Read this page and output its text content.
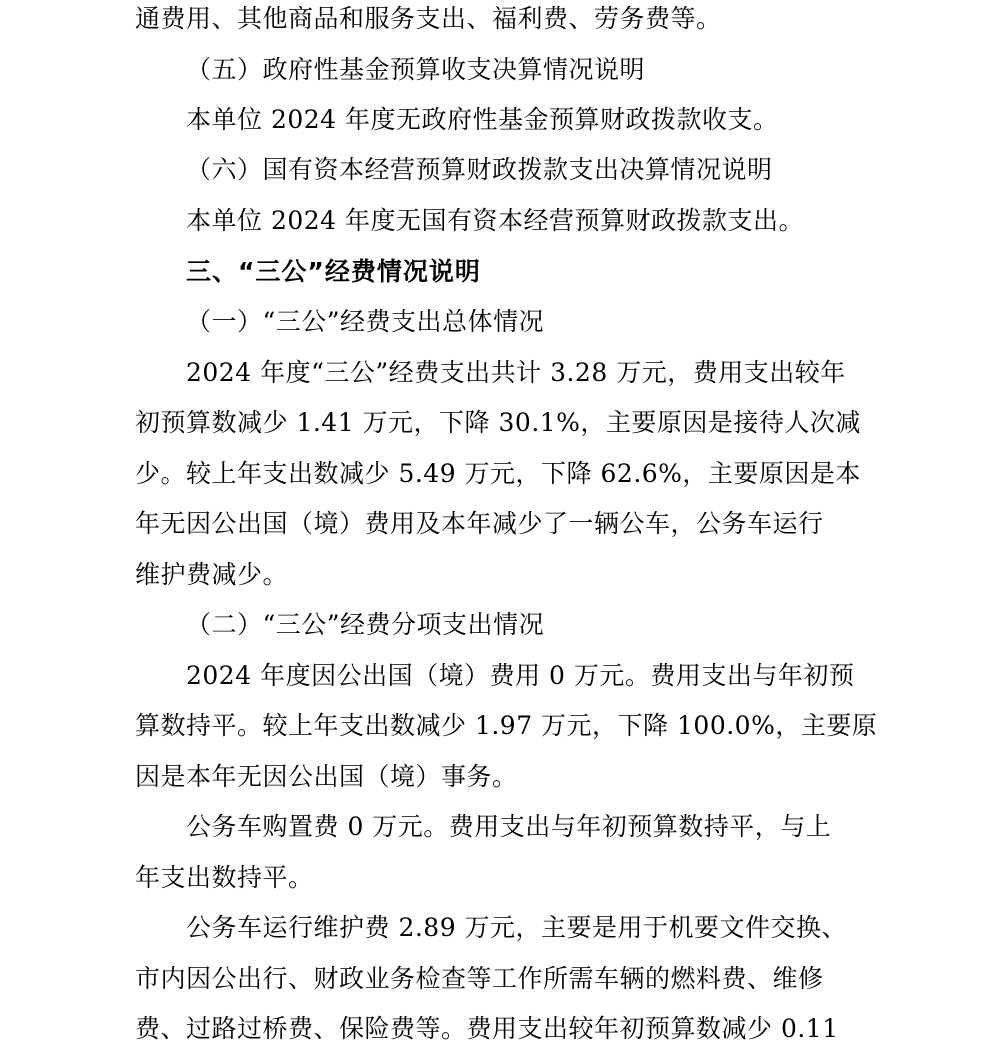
通费用、其他商品和服务支出、福利费、劳务费等。
（五）政府性基金预算收支决算情况说明
本单位 2024 年度无政府性基金预算财政拨款收支。
（六）国有资本经营预算财政拨款支出决算情况说明
本单位 2024 年度无国有资本经营预算财政拨款支出。
三、“三公”经费情况说明
（一）“三公”经费支出总体情况
2024 年度“三公”经费支出共计 3.28 万元，费用支出较年
初预算数减少 1.41 万元，下降 30.1%，主要原因是接待人次减
少。较上年支出数减少 5.49 万元，下降 62.6%，主要原因是本
年无因公出国（境）费用及本年减少了一辆公车，公务车运行
维护费减少。
（二）“三公”经费分项支出情况
2024 年度因公出国（境）费用 0 万元。费用支出与年初预
算数持平。较上年支出数减少 1.97 万元，下降 100.0%，主要原
因是本年无因公出国（境）事务。
公务车购置费 0 万元。费用支出与年初预算数持平，与上
年支出数持平。
公务车运行维护费 2.89 万元，主要是用于机要文件交换、
市内因公出行、财政业务检查等工作所需车辆的燃料费、维修
费、过路过桥费、保险费等。费用支出较年初预算数减少 0.11
